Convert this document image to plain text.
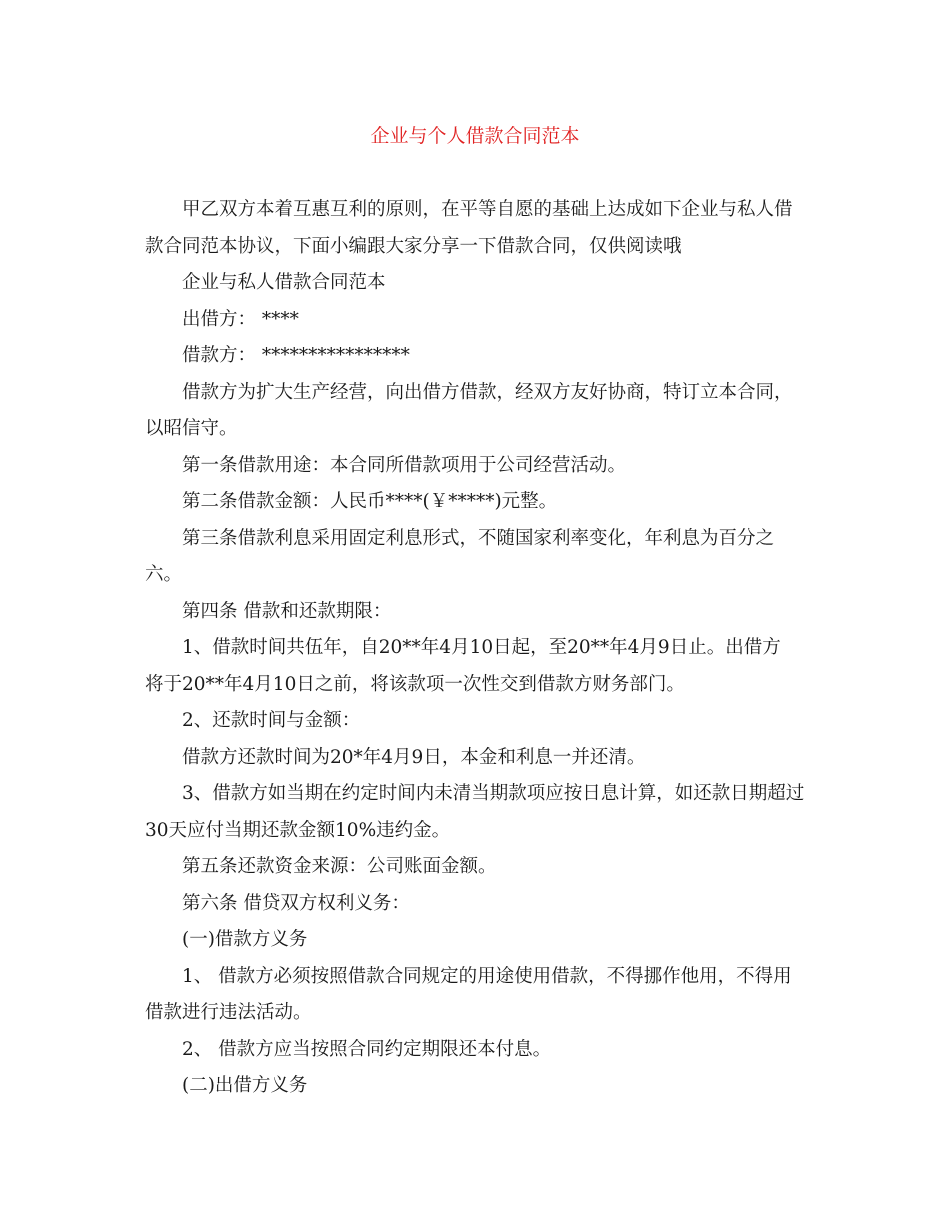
企业与个人借款合同范本

甲乙双方本着互惠互利的原则，在平等自愿的基础上达成如下企业与私人借
款合同范本协议，下面小编跟大家分享一下借款合同，仅供阅读哦

企业与私人借款合同范本

出借方： ****

借款方： ****************

借款方为扩大生产经营，向出借方借款，经双方友好协商，特订立本合同，
以昭信守。

第一条借款用途：本合同所借款项用于公司经营活动。

第二条借款金额：人民币****(￥*****)元整。

第三条借款利息采用固定利息形式，不随国家利率变化，年利息为百分之
六。

第四条 借款和还款期限：

1、借款时间共伍年，自20**年4月10日起，至20**年4月9日止。出借方
将于20**年4月10日之前，将该款项一次性交到借款方财务部门。

2、还款时间与金额：

借款方还款时间为20*年4月9日，本金和利息一并还清。

3、借款方如当期在约定时间内未清当期款项应按日息计算，如还款日期超过
30天应付当期还款金额10%违约金。

第五条还款资金来源：公司账面金额。

第六条 借贷双方权利义务：

(一)借款方义务

1、 借款方必须按照借款合同规定的用途使用借款，不得挪作他用，不得用
借款进行违法活动。

2、 借款方应当按照合同约定期限还本付息。

(二)出借方义务
